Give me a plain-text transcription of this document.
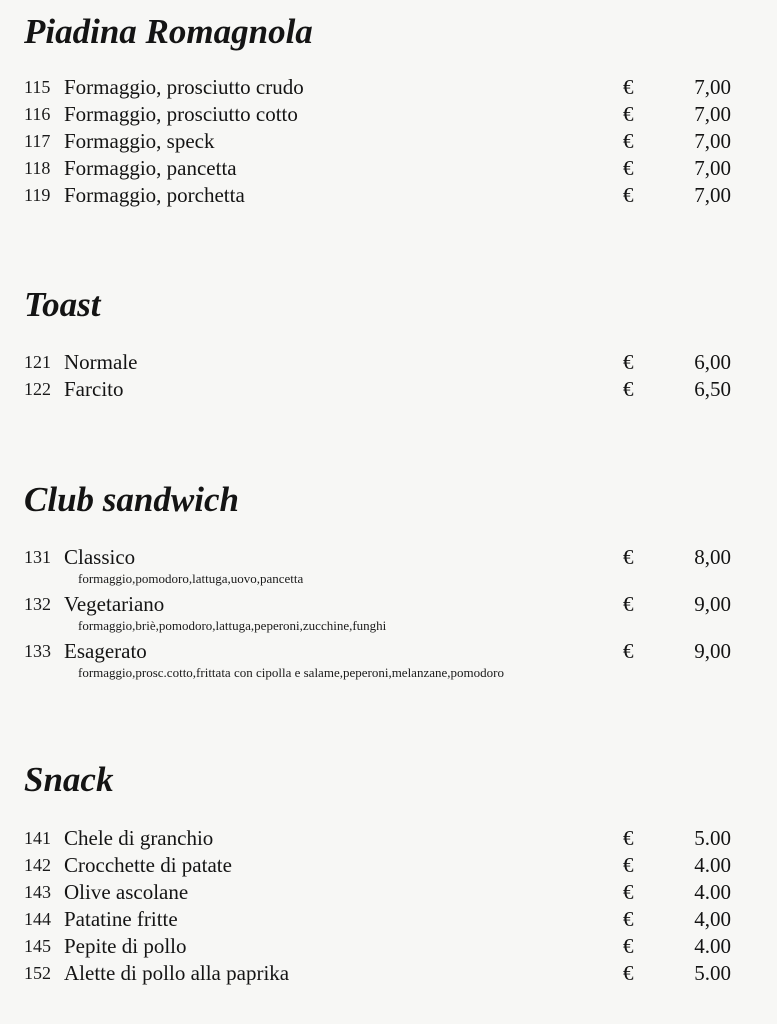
Piadina Romagnola
115 Formaggio, prosciutto crudo	€	7,00
116 Formaggio, prosciutto cotto	€	7,00
117 Formaggio, speck	€	7,00
118 Formaggio, pancetta	€	7,00
119 Formaggio, porchetta	€	7,00
Toast
121 Normale	€	6,00
122 Farcito	€	6,50
Club sandwich
131 Classico	€	8,00
formaggio,pomodoro,lattuga,uovo,pancetta
132 Vegetariano	€	9,00
formaggio,briè,pomodoro,lattuga,peperoni,zucchine,funghi
133 Esagerato	€	9,00
formaggio,prosc.cotto,frittata con cipolla e salame,peperoni,melanzane,pomodoro
Snack
141 Chele di granchio	€	5.00
142 Crocchette di patate	€	4.00
143 Olive ascolane	€	4.00
144 Patatine fritte	€	4,00
145 Pepite di pollo	€	4.00
152 Alette di pollo alla paprika	€	5.00
